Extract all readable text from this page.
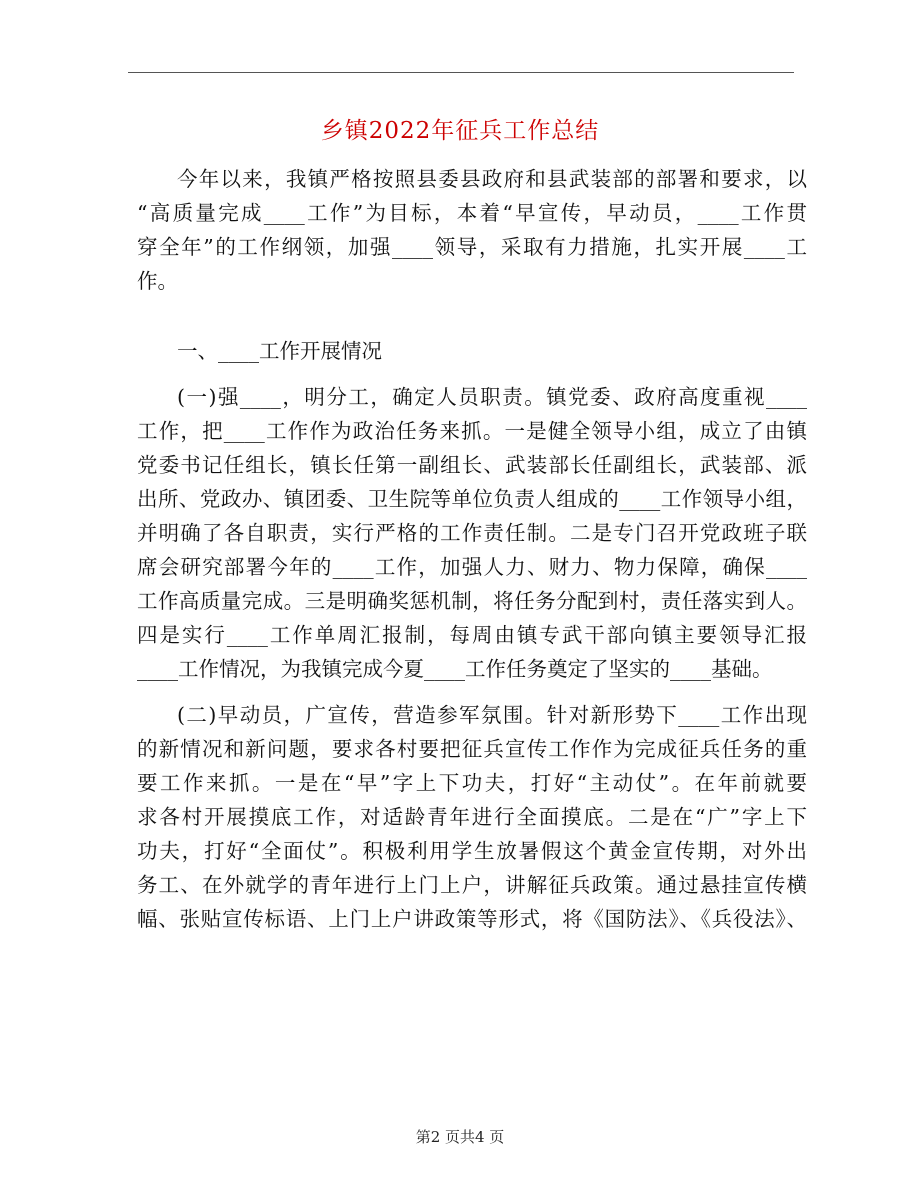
乡镇2022年征兵工作总结
今年以来，我镇严格按照县委县政府和县武装部的部署和要求，以
“高质量完成____工作”为目标，本着“早宣传，早动员，____工作贯
穿全年”的工作纲领，加强____领导，采取有力措施，扎实开展____工
作。
一、____工作开展情况
(一)强____，明分工，确定人员职责。镇党委、政府高度重视____
工作，把____工作作为政治任务来抓。一是健全领导小组，成立了由镇
党委书记任组长，镇长任第一副组长、武装部长任副组长，武装部、派
出所、党政办、镇团委、卫生院等单位负责人组成的____工作领导小组，
并明确了各自职责，实行严格的工作责任制。二是专门召开党政班子联
席会研究部署今年的____工作，加强人力、财力、物力保障，确保____
工作高质量完成。三是明确奖惩机制，将任务分配到村，责任落实到人。
四是实行____工作单周汇报制，每周由镇专武干部向镇主要领导汇报
____工作情况，为我镇完成今夏____工作任务奠定了坚实的____基础。
(二)早动员，广宣传，营造参军氛围。针对新形势下____工作出现
的新情况和新问题，要求各村要把征兵宣传工作作为完成征兵任务的重
要工作来抓。一是在“早”字上下功夫，打好“主动仗”。在年前就要
求各村开展摸底工作，对适龄青年进行全面摸底。二是在“广”字上下
功夫，打好“全面仗”。积极利用学生放暑假这个黄金宣传期，对外出
务工、在外就学的青年进行上门上户，讲解征兵政策。通过悬挂宣传横
幅、张贴宣传标语、上门上户讲政策等形式，将《国防法》、《兵役法》、
第2 页共4 页
